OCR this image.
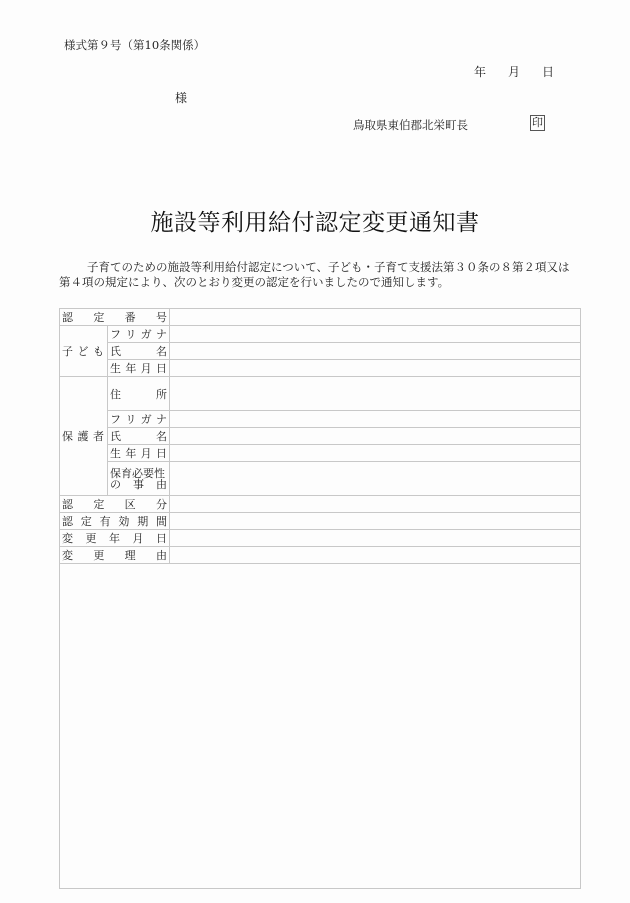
様式第９号（第10条関係）
年 月 日
様
鳥取県東伯郡北栄町長	印
施設等利用給付認定変更通知書
子育てのための施設等利用給付認定について、子ども・子育て支援法第３０条の８第２項又は
第４項の規定により、次のとおり変更の認定を行いましたので通知します。
認 定 番 号
子 ど も
フ リ ガ ナ
氏	名
生 年 月 日
保 護 者
住	所
フ リ ガ ナ
氏	名
生 年 月 日
保育必要性
の 事 由
認 定 区 分
認 定 有 効 期 間
変 更 年 月 日
変 更 理 由
